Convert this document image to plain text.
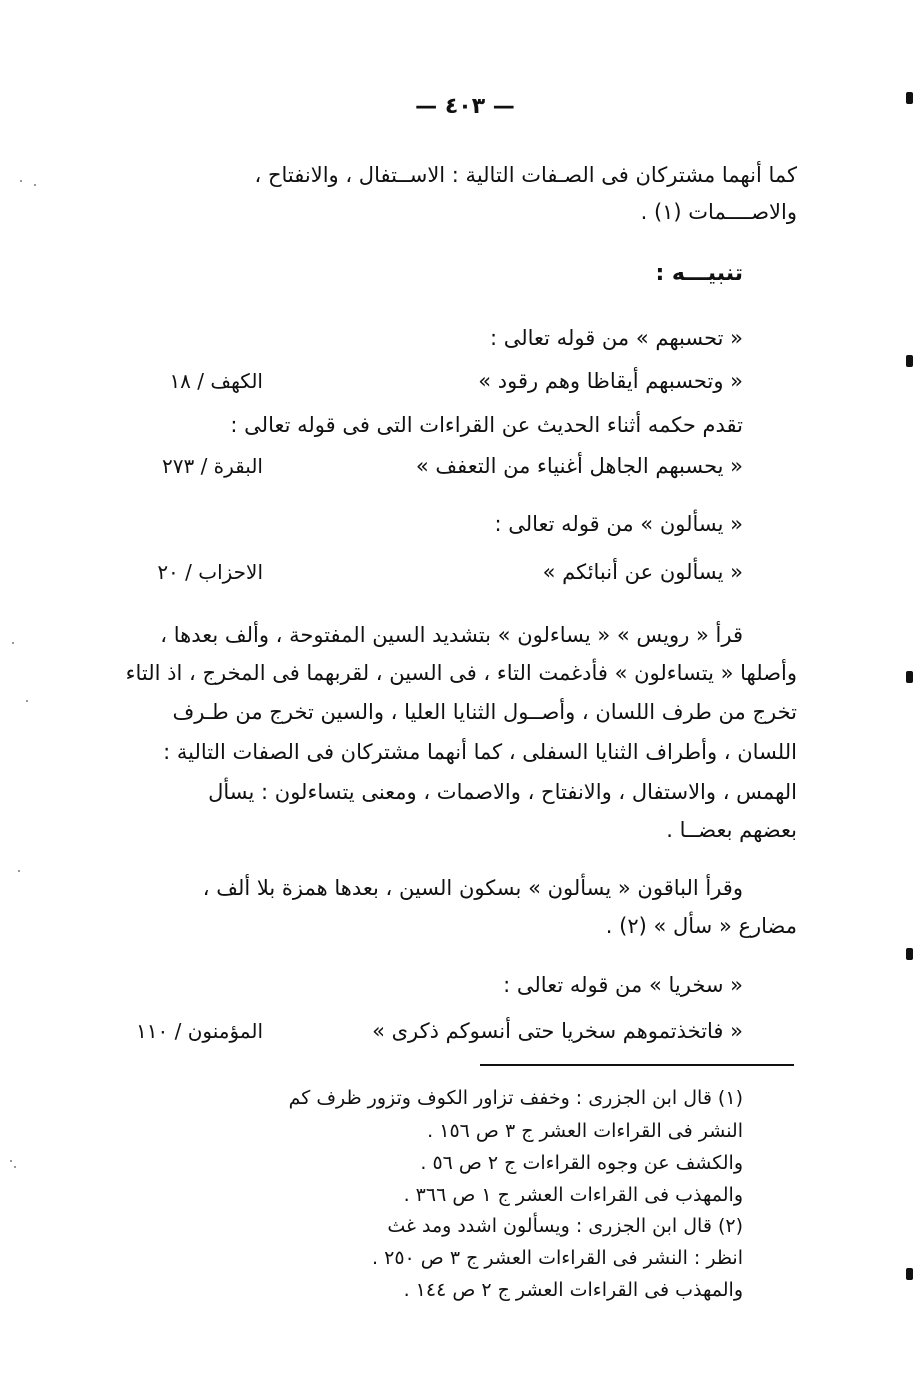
— ٤٠٣ —
كما أنهما مشتركان فى الصـفات التالية : الاســتفال ، والانفتاح ،
والاصــــمات (١) .
تنبيـــه :
« تحسبهم » من قوله تعالى :
« وتحسبهم أيقاظا وهم رقود »
الكهف / ١٨
تقدم حكمه أثناء الحديث عن القراءات التى فى قوله تعالى :
« يحسبهم الجاهل أغنياء من التعفف »
البقرة / ٢٧٣
« يسألون » من قوله تعالى :
« يسألون عن أنبائكم »
الاحزاب / ٢٠
قرأ « رويس » « يساءلون » بتشديد السين المفتوحة ، وألف بعدها ،
وأصلها « يتساءلون » فأدغمت التاء ، فى السين ، لقربهما فى المخرج ، اذ التاء
تخرج من طرف اللسان ، وأصــول الثنايا العليا ، والسين تخرج من طـرف
اللسان ، وأطراف الثنايا السفلى ، كما أنهما مشتركان فى الصفات التالية :
الهمس ، والاستفال ، والانفتاح ، والاصمات ، ومعنى يتساءلون : يسأل
بعضهم بعضــا .
وقرأ الباقون « يسألون » بسكون السين ، بعدها همزة بلا ألف ،
مضارع « سأل » (٢) .
« سخريا » من قوله تعالى :
« فاتخذتموهم سخريا حتى أنسوكم ذكرى »
المؤمنون / ١١٠
(١) قال ابن الجزرى : وخفف تزاور الكوف وتزور ظرف كم
النشر فى القراءات العشر ج ٣ ص ١٥٦ .
والكشف عن وجوه القراءات ج ٢ ص ٥٦ .
والمهذب فى القراءات العشر ج ١ ص ٣٦٦ .
(٢) قال ابن الجزرى : ويسألون اشدد ومد غث
انظر : النشر فى القراءات العشر ج ٣ ص ٢٥٠ .
والمهذب فى القراءات العشر ج ٢ ص ١٤٤ .
